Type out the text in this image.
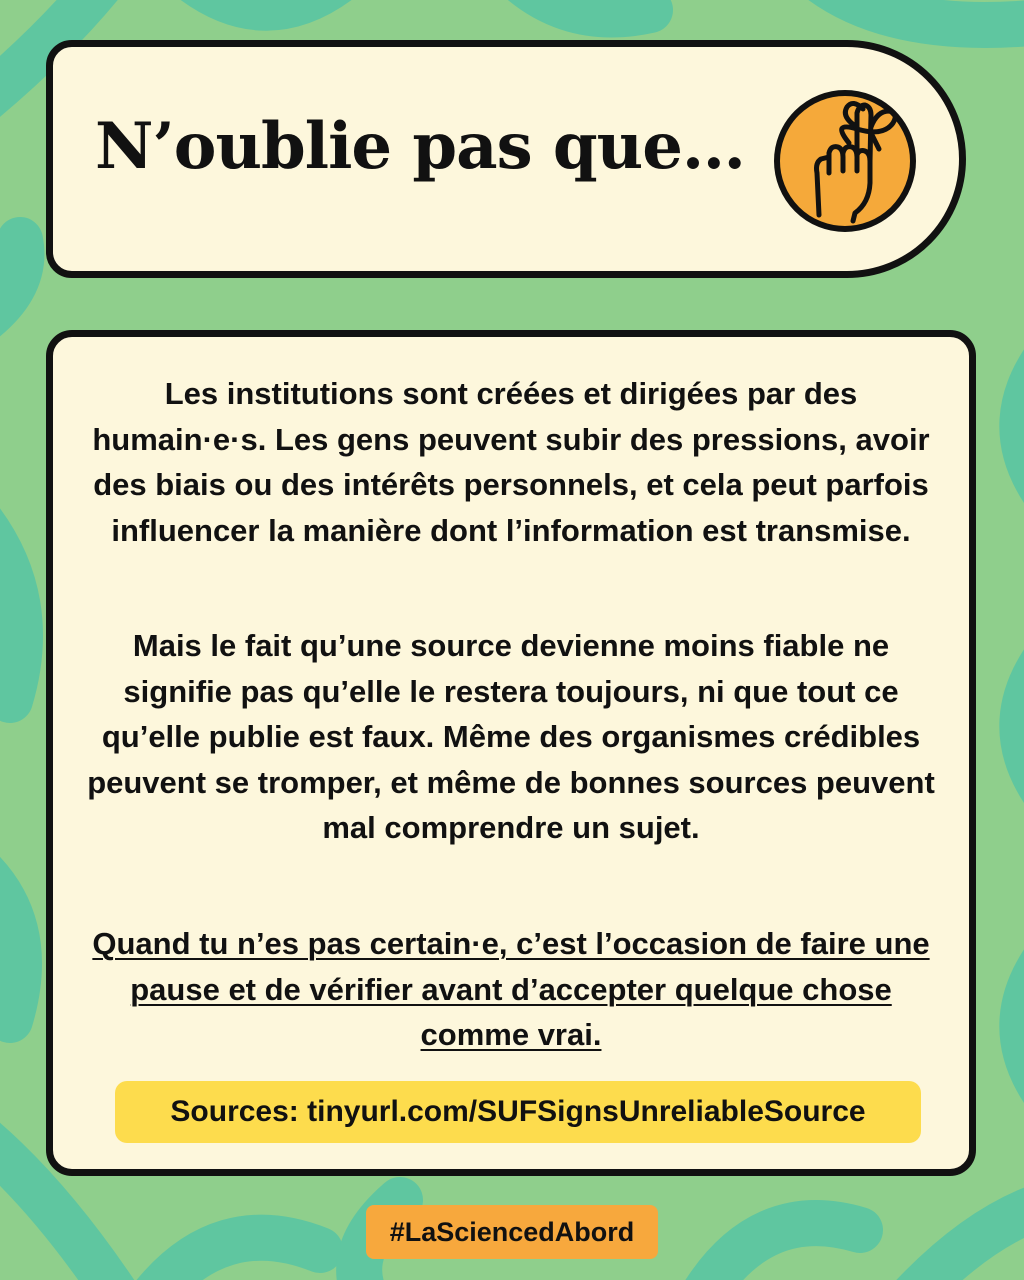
N’oublie pas que…

Les institutions sont créées et dirigées par des humain·e·s. Les gens peuvent subir des pressions, avoir des biais ou des intérêts personnels, et cela peut parfois influencer la manière dont l’information est transmise.

Mais le fait qu’une source devienne moins fiable ne signifie pas qu’elle le restera toujours, ni que tout ce qu’elle publie est faux. Même des organismes crédibles peuvent se tromper, et même de bonnes sources peuvent mal comprendre un sujet.

Quand tu n’es pas certain·e, c’est l’occasion de faire une pause et de vérifier avant d’accepter quelque chose comme vrai.

Sources: tinyurl.com/SUFSignsUnreliableSource
#LaSciencedAbord
